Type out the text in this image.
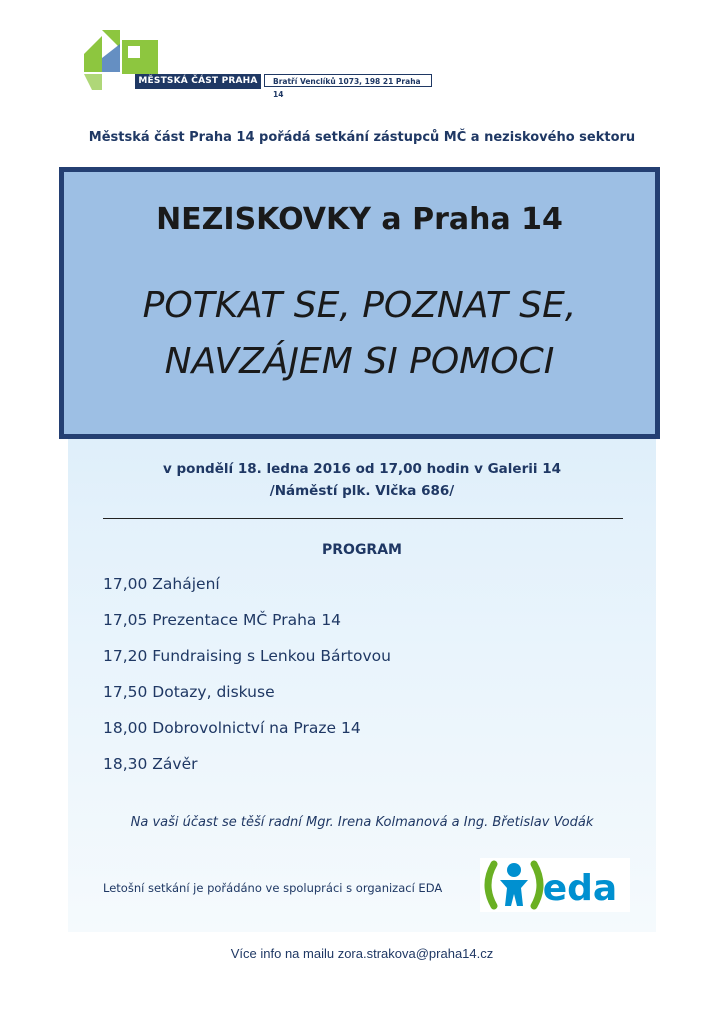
MĚSTSKÁ ČÁST PRAHA 14
Bratří Venclíků 1073, 198 21 Praha 14
Městská část Praha 14 pořádá setkání zástupců MČ a neziskového sektoru
NEZISKOVKY a Praha 14
POTKAT SE, POZNAT SE,
NAVZÁJEM SI POMOCI
v pondělí 18. ledna 2016 od 17,00 hodin v Galerii 14
/Náměstí plk. Vlčka 686/
PROGRAM
17,00 Zahájení
17,05 Prezentace MČ Praha 14
17,20 Fundraising s Lenkou Bártovou
17,50 Dotazy, diskuse
18,00 Dobrovolnictví na Praze 14
18,30 Závěr
Na vaši účast se těší radní Mgr. Irena Kolmanová a Ing. Břetislav Vodák
Letošní setkání je pořádáno ve spolupráci s organizací EDA	eda
Více info na mailu zora.strakova@praha14.cz
